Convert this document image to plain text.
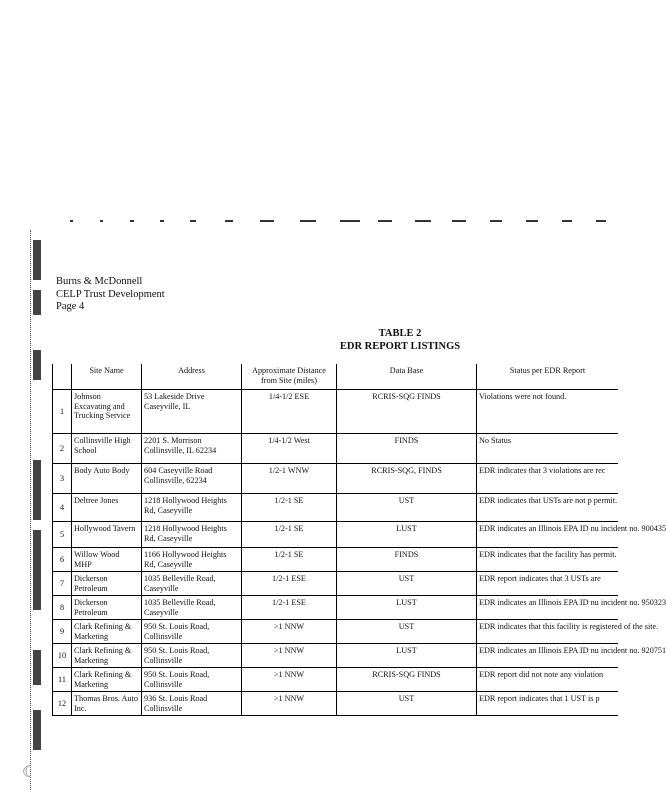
Burns & McDonnell
CELP Trust Development
Page 4
TABLE 2
EDR REPORT LISTINGS
	Site Name	Address	Approximate Distance from Site (miles)	Data Base	Status per EDR Report
1	Johnson Excavating and Trucking Service	53 Lakeside Drive Caseyville, IL	1/4-1/2 ESE	RCRIS-SQG FINDS	Violations were not found.
2	Collinsville High School	2201 S. Morrison Collinsville, IL 62234	1/4-1/2 West	FINDS	No Status
3	Body Auto Body	604 Caseyville Road Collinsville, 62234	1/2-1 WNW	RCRIS-SQG, FINDS	EDR indicates that 3 violations are rec
4	Deltree Jones	1218 Hollywood Heights Rd, Caseyville	1/2-1 SE	UST	EDR indicates that USTs are not p permit.
5	Hollywood Tavern	1218 Hollywood Heights Rd, Caseyville	1/2-1 SE	LUST	EDR indicates an Illinois EPA ID nu incident no. 900435
6	Willow Wood MHP	1166 Hollywood Heights Rd, Caseyville	1/2-1 SE	FINDS	EDR indicates that the facility has permit.
7	Dickerson Petroleum	1035 Belleville Road, Caseyville	1/2-1 ESE	UST	EDR report indicates that 3 USTs are
8	Dickerson Petroleum	1035 Belleville Road, Caseyville	1/2-1 ESE	LUST	EDR indicates an Illinois EPA ID nu incident no. 950323
9	Clark Refining & Marketing	950 St. Louis Road, Collinsville	>1 NNW	UST	EDR indicates that this facility is registered of the site.
10	Clark Refining & Marketing	950 St. Louis Road, Collinsville	>1 NNW	LUST	EDR indicates an Illinois EPA ID nu incident no. 920751
11	Clark Refining & Marketing	950 St. Louis Road, Collinsville	>1 NNW	RCRIS-SQG FINDS	EDR report did not note any violation
12	Thomas Bros. Auto Inc.	936 St. Louis Road Collinsville	>1 NNW	UST	EDR report indicates that 1 UST is p
☾
